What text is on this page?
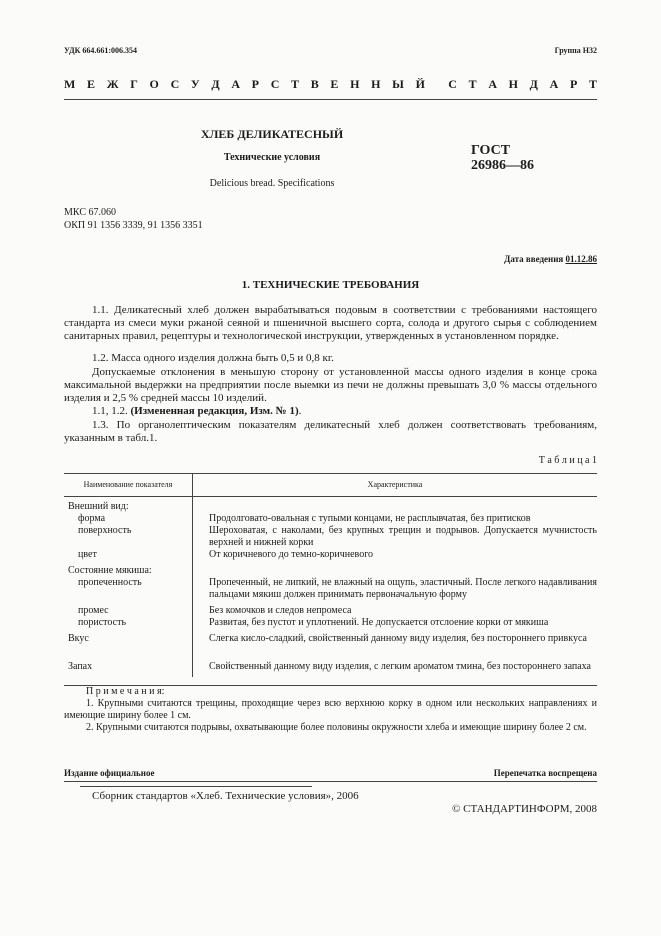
УДК 664.661:006.354	Группа Н32
М Е Ж Г О С У Д А Р С Т В Е Н Н Ы Й С Т А Н Д А Р Т
ХЛЕБ ДЕЛИКАТЕСНЫЙ
Технические условия
Delicious bread. Specifications
ГОСТ
26986—86
МКС 67.060
ОКП 91 1356 3339, 91 1356 3351
Дата введения 01.12.86
1. ТЕХНИЧЕСКИЕ ТРЕБОВАНИЯ
1.1. Деликатесный хлеб должен вырабатываться подовым в соответствии с требованиями настоящего стандарта из смеси муки ржаной сеяной и пшеничной высшего сорта, солода и другого сырья с соблюдением санитарных правил, рецептуры и технологической инструкции, утвержденных в установленном порядке.
1.2. Масса одного изделия должна быть 0,5 и 0,8 кг.
Допускаемые отклонения в меньшую сторону от установленной массы одного изделия в конце срока максимальной выдержки на предприятии после выемки из печи не должны превышать 3,0 % массы отдельного изделия и 2,5 % средней массы 10 изделий.
1.1, 1.2. (Измененная редакция, Изм. № 1).
1.3. По органолептическим показателям деликатесный хлеб должен соответствовать требованиям, указанным в табл.1.
Т а б л и ц а 1
Наименование показателя	Характеристика

Внешний вид:
форма	Продолговато-овальная с тупыми концами, не расплывчатая, без притисков

поверхность	Шероховатая, с наколами, без крупных трещин и подрывов. Допускается мучнистость верхней и нижней корки

цвет	От коричневого до темно-коричневого

Состояние мякиша:
пропеченность	Пропеченный, не липкий, не влажный на ощупь, эластичный. После легкого надавливания пальцами мякиш должен принимать первоначальную форму

промес	Без комочков и следов непромеса

пористость	Развитая, без пустот и уплотнений. Не допускается отслоение корки от мякиша

Вкус	Слегка кисло-сладкий, свойственный данному виду изделия, без постороннего привкуса

Запах	Свойственный данному виду изделия, с легким ароматом тмина, без постороннего запаха
П р и м е ч а н и я:
1. Крупными считаются трещины, проходящие через всю верхнюю корку в одном или нескольких направлениях и имеющие ширину более 1 см.
2. Крупными считаются подрывы, охватывающие более половины окружности хлеба и имеющие ширину более 2 см.
Издание официальное	Перепечатка воспрещена
Сборник стандартов «Хлеб. Технические условия», 2006
© СТАНДАРТИНФОРМ, 2008
